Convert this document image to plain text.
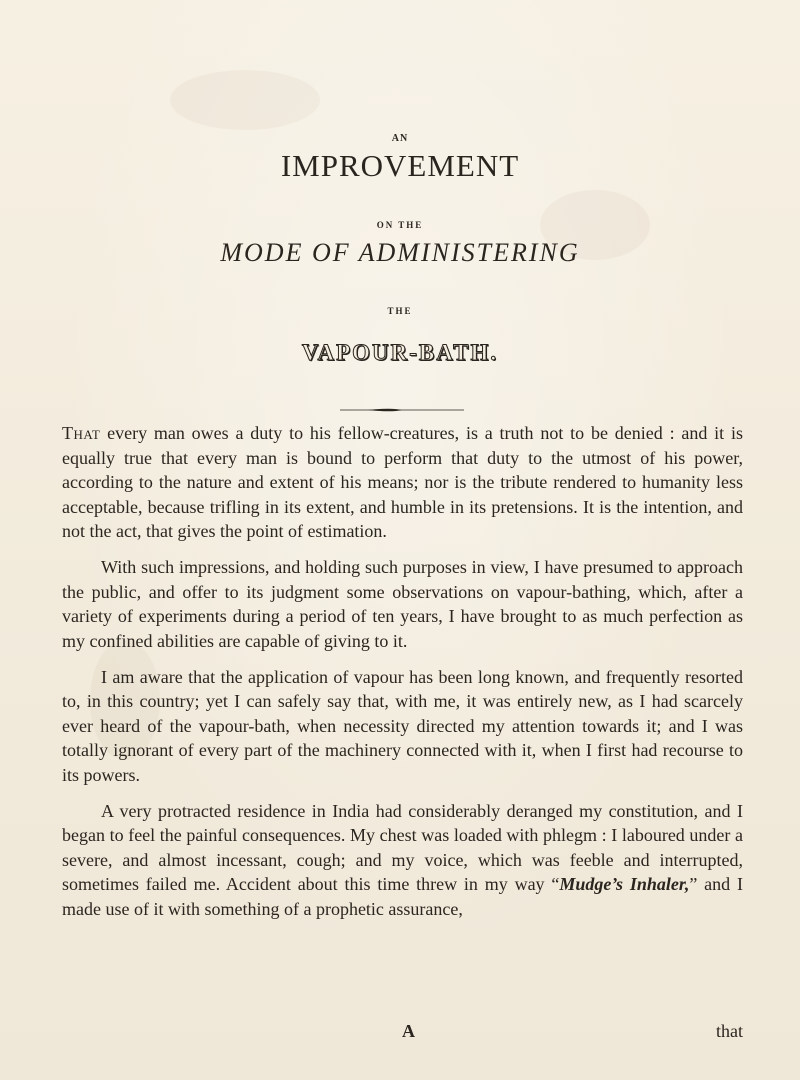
AN

IMPROVEMENT

ON THE

MODE OF ADMINISTERING

THE

VAPOUR-BATH.

That every man owes a duty to his fellow-creatures, is a truth not to be denied : and it is equally true that every man is bound to perform that duty to the utmost of his power, according to the nature and extent of his means; nor is the tribute rendered to humanity less acceptable, because trifling in its extent, and humble in its pretensions. It is the intention, and not the act, that gives the point of estimation.

With such impressions, and holding such purposes in view, I have presumed to approach the public, and offer to its judgment some observations on vapour-bathing, which, after a variety of experiments during a period of ten years, I have brought to as much perfection as my confined abilities are capable of giving to it.

I am aware that the application of vapour has been long known, and frequently resorted to, in this country; yet I can safely say that, with me, it was entirely new, as I had scarcely ever heard of the vapour-bath, when necessity directed my attention towards it; and I was totally ignorant of every part of the machinery connected with it, when I first had recourse to its powers.

A very protracted residence in India had considerably deranged my constitution, and I began to feel the painful consequences. My chest was loaded with phlegm : I laboured under a severe, and almost incessant, cough; and my voice, which was feeble and interrupted, sometimes failed me. Accident about this time threw in my way “Mudge’s Inhaler,” and I made use of it with something of a prophetic assurance,

A	that
